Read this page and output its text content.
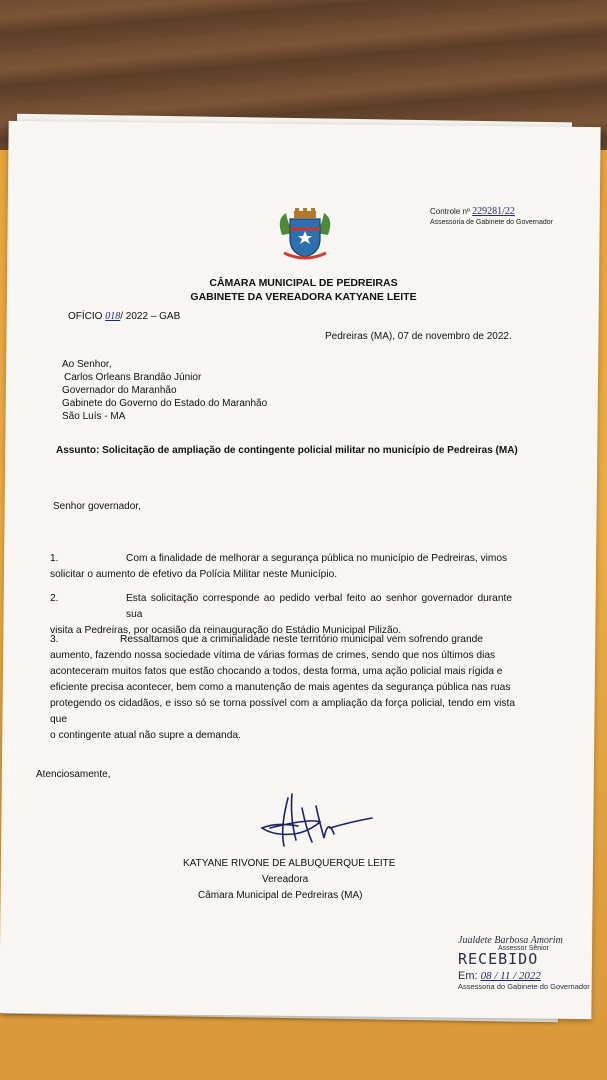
Controle nº 229281/22
Assessoria de Gabinete do Governador
CÂMARA MUNICIPAL DE PEDREIRAS
GABINETE DA VEREADORA KATYANE LEITE
OFÍCIO 018/ 2022 – GAB
Pedreiras (MA), 07 de novembro de 2022.
Ao Senhor,
Carlos Orleans Brandão Júnior
Governador do Maranhão
Gabinete do Governo do Estado do Maranhão
São Luís - MA
Assunto: Solicitação de ampliação de contingente policial militar no município de Pedreiras (MA)
Senhor governador,
1.	Com a finalidade de melhorar a segurança pública no município de Pedreiras, vimos
solicitar o aumento de efetivo da Polícia Militar neste Município.
2.	Esta solicitação corresponde ao pedido verbal feito ao senhor governador durante sua
visita a Pedreiras, por ocasião da reinauguração do Estádio Municipal Pilizão.
3.	Ressaltamos que a criminalidade neste território municipal vem sofrendo grande
aumento, fazendo nossa sociedade vítima de várias formas de crimes, sendo que nos últimos dias
aconteceram muitos fatos que estão chocando a todos, desta forma, uma ação policial mais rígida e
eficiente precisa acontecer, bem como a manutenção de mais agentes da segurança pública nas ruas
protegendo os cidadãos, e isso só se torna possível com a ampliação da força policial, tendo em vista que
o contingente atual não supre a demanda.
Atenciosamente,
KATYANE RIVONE DE ALBUQUERQUE LEITE
Vereadora
Câmara Municipal de Pedreiras (MA)
Jualdete Barbosa Amorim
Assessor Sênior
RECEBIDO
Em: 08 / 11 / 2022
Assessoria do Gabinete do Governador
